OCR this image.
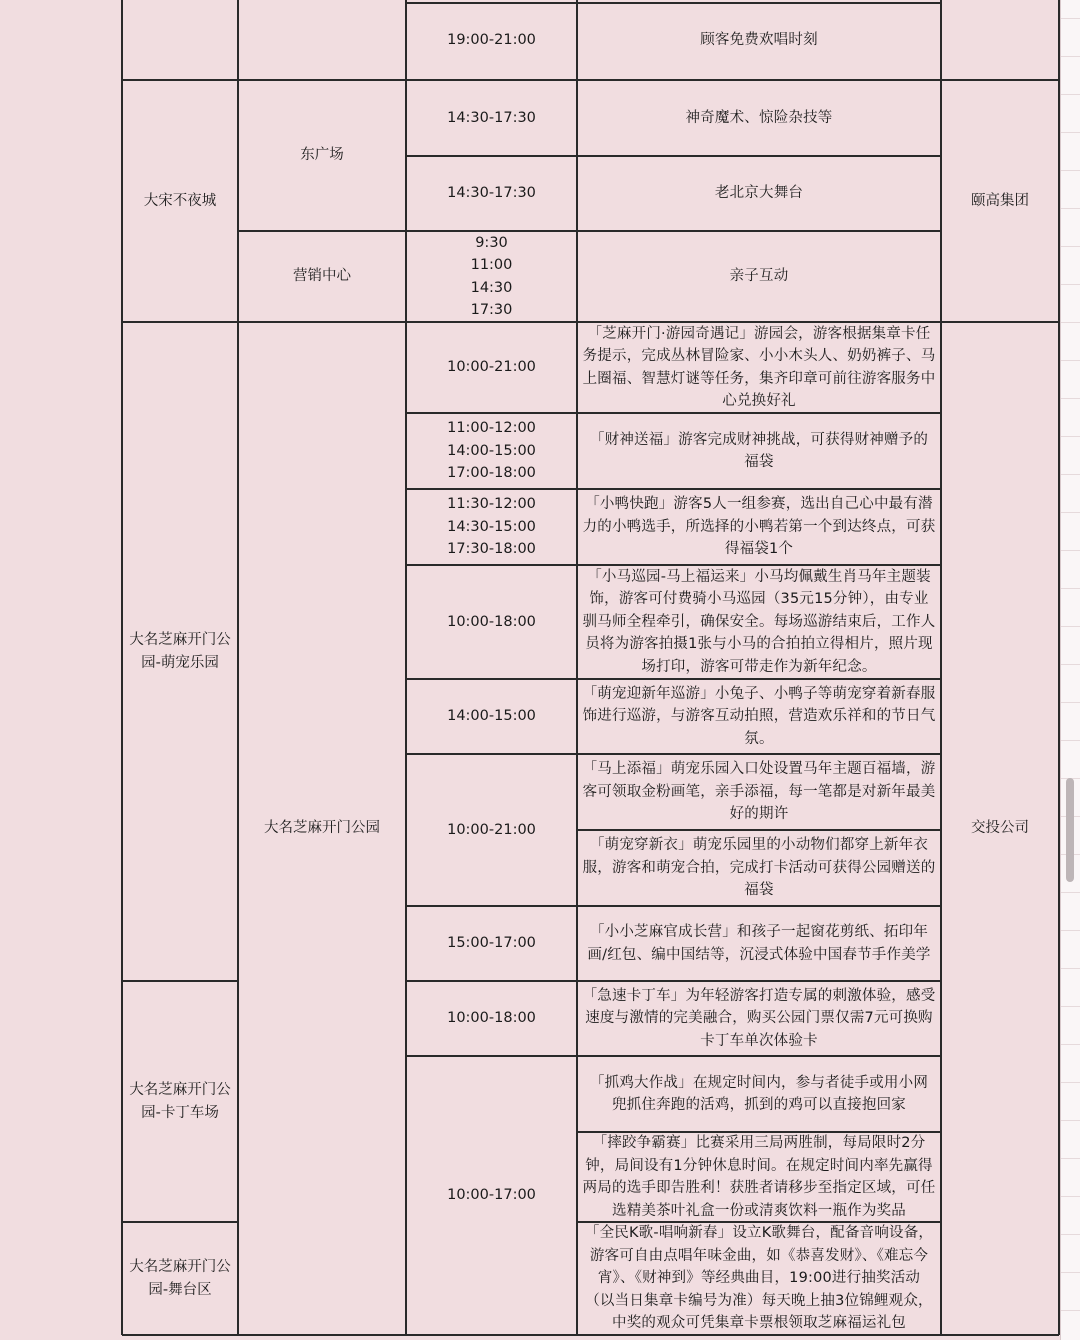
大宋不夜城
东广场
营销中心
颐高集团
大名芝麻开门公
园-萌宠乐园
大名芝麻开门公
园-卡丁车场
大名芝麻开门公
园-舞台区
大名芝麻开门公园	交投公司
19:00-21:00
14:30-17:30
14:30-17:30
9:30
11:00
14:30
17:30
10:00-21:00
11:00-12:00
14:00-15:00
17:00-18:00
11:30-12:00
14:30-15:00
17:30-18:00
10:00-18:00
14:00-15:00
10:00-21:00
15:00-17:00
10:00-18:00
10:00-17:00
顾客免费欢唱时刻
神奇魔术、惊险杂技等
老北京大舞台
亲子互动
「芝麻开门·游园奇遇记」游园会，游客根据集章卡任
务提示，完成丛林冒险家、小小木头人、奶奶裤子、马
上圈福、智慧灯谜等任务，集齐印章可前往游客服务中
心兑换好礼
「财神送福」游客完成财神挑战，可获得财神赠予的
福袋
「小鸭快跑」游客5人一组参赛，选出自己心中最有潜
力的小鸭选手，所选择的小鸭若第一个到达终点，可获
得福袋1个
「小马巡园-马上福运来」小马均佩戴生肖马年主题装
饰，游客可付费骑小马巡园（35元15分钟），由专业
驯马师全程牵引，确保安全。每场巡游结束后，工作人
员将为游客拍摄1张与小马的合拍拍立得相片，照片现
场打印，游客可带走作为新年纪念。
「萌宠迎新年巡游」小兔子、小鸭子等萌宠穿着新春服
饰进行巡游，与游客互动拍照，营造欢乐祥和的节日气
氛。
「马上添福」萌宠乐园入口处设置马年主题百福墙，游
客可领取金粉画笔，亲手添福，每一笔都是对新年最美
好的期许
「萌宠穿新衣」萌宠乐园里的小动物们都穿上新年衣
服，游客和萌宠合拍，完成打卡活动可获得公园赠送的
福袋
「小小芝麻官成长营」和孩子一起窗花剪纸、拓印年
画/红包、编中国结等，沉浸式体验中国春节手作美学
「急速卡丁车」为年轻游客打造专属的刺激体验，感受
速度与激情的完美融合，购买公园门票仅需7元可换购
卡丁车单次体验卡
「抓鸡大作战」在规定时间内，参与者徒手或用小网
兜抓住奔跑的活鸡，抓到的鸡可以直接抱回家
「摔跤争霸赛」比赛采用三局两胜制，每局限时2分
钟，局间设有1分钟休息时间。在规定时间内率先赢得
两局的选手即告胜利！获胜者请移步至指定区域，可任
选精美茶叶礼盒一份或清爽饮料一瓶作为奖品
「全民K歌-唱响新春」设立K歌舞台，配备音响设备，
游客可自由点唱年味金曲，如《恭喜发财》、《难忘今
宵》、《财神到》等经典曲目，19:00进行抽奖活动
（以当日集章卡编号为准）每天晚上抽3位锦鲤观众，
中奖的观众可凭集章卡票根领取芝麻福运礼包
